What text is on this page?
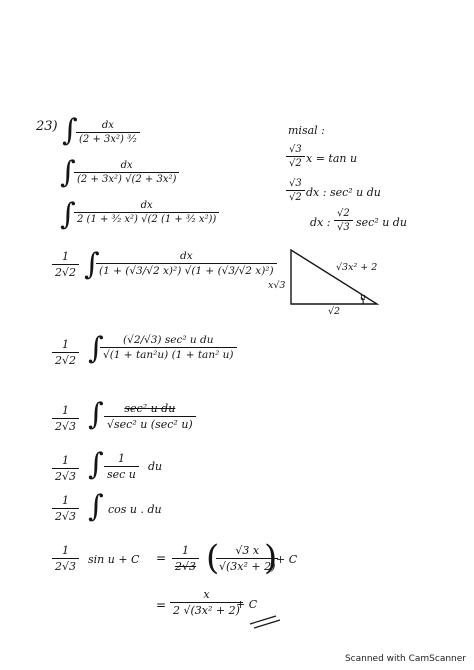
23) ∫
$\frac{dx}{\text{(2 + 3x²) ³⁄₂}}$
∫
$\frac{dx}{\text{(2 + 3x²) √(2 + 3x²)}}$
∫
$\frac{dx}{\text{2 (1 + ³⁄₂ x²) √(2 (1 + ³⁄₂ x²))}}$
$\frac{1}{2√2}$ ∫
$\frac{dx}{\text{(1 + (√3/√2 x)²) √(1 + (√3/√2 x)²)}}$
$\frac{1}{2√2}$ ∫ (√2/√3) sec² u du
√(1 + tan²u) (1 + tan² u)
$\frac{1}{2√3}$ ∫ sec² u du
√sec² u (sec² u)
$\frac{1}{2√3}$ ∫ 1
sec u
du
$\frac{1}{2√3}$ ∫ cos u . du
$\frac{1}{2√3}$ $\sin u + C = \frac{1}{2√3}$ (
$\frac{√3 x}{\text{√(3x² + 2)}}$
)
+ C
= $\frac{x}{\text{2 √(3x² + 2)}}$
+ C
misal :
$\frac{√3}{√2}$ x = tan u
$\frac{√3}{√2}$ dx : sec² u du
dx : $\frac{√2}{√3} \sec^2$ u du
√3x² + 2
x√3
√2
u
Scanned with CamScanner
